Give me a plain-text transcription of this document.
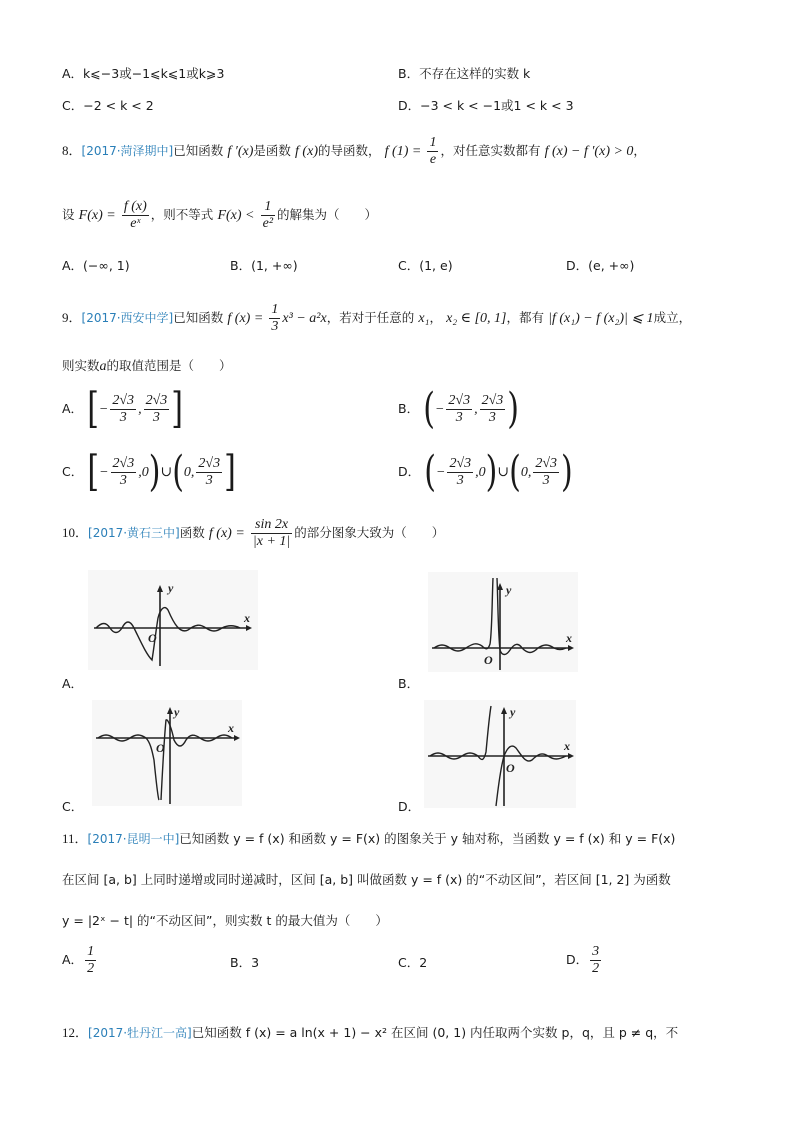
A．k⩽−3或−1⩽k⩽1或k⩾3	B．不存在这样的实数 k
C．−2 < k < 2	D．−3 < k < −1或1 < k < 3
8．[2017·菏泽期中]已知函数 f ′(x)是函数 f (x)的导函数， f $(1) = \frac{1}{e}$ ，对任意实数都有 f (x) − f ′(x) > 0，
设 $F(x) = \frac{f (x)}{\text{eˣ}}$ ，则不等式 $F(x) < \frac{1}{\text{e²}}$ 的解集为（　　）
A．(−∞, 1)	B．(1, +∞)	C．(1, e)	D．(e, +∞)
9．[2017·西安中学]已知函数 f $(x) = \frac{1}{3} x^3 - a^2x$，若对于任意的 x₁， x₂ ∈ [0, 1]，都有 |f (x₁) − f (x₂)| ⩽ 1成立，
则实数a的取值范围是（　　）
A． [− $\frac{2√3}{3}$ , $\frac{2√3}{3}$ ]	B． (− $\frac{2√3}{3}$ , $\frac{2√3}{3}$ )
C． [− $\frac{2√3}{3}$ ,0)∪(0, $\frac{2√3}{3}$ ]	D． (− $\frac{2√3}{3}$ ,0)∪(0, $\frac{2√3}{3}$ )
10．[2017·黄石三中]函数 f $(x) = \frac{\sin 2x}{|x + 1|}$ 的部分图象大致为（　　）
y
x
O
A．
y
x
O
B．
y
x
O
C．
y
x
O
D．
11．[2017·昆明一中]已知函数 y = f (x) 和函数 y = F(x) 的图象关于 y 轴对称，当函数 y = f (x) 和 y = F(x)
在区间 [a, b] 上同时递增或同时递减时，区间 [a, b] 叫做函数 y = f (x) 的“不动区间”，若区间 [1, 2] 为函数
y = |2ˣ − t| 的“不动区间”，则实数 t 的最大值为（　　）
A． $\frac{1}{2}$	B．3	C．2	D． $\frac{3}{2}$
12．[2017·牡丹江一高]已知函数 f (x) = a ln(x + 1) − x² 在区间 (0, 1) 内任取两个实数 p，q，且 p ≠ q，不
